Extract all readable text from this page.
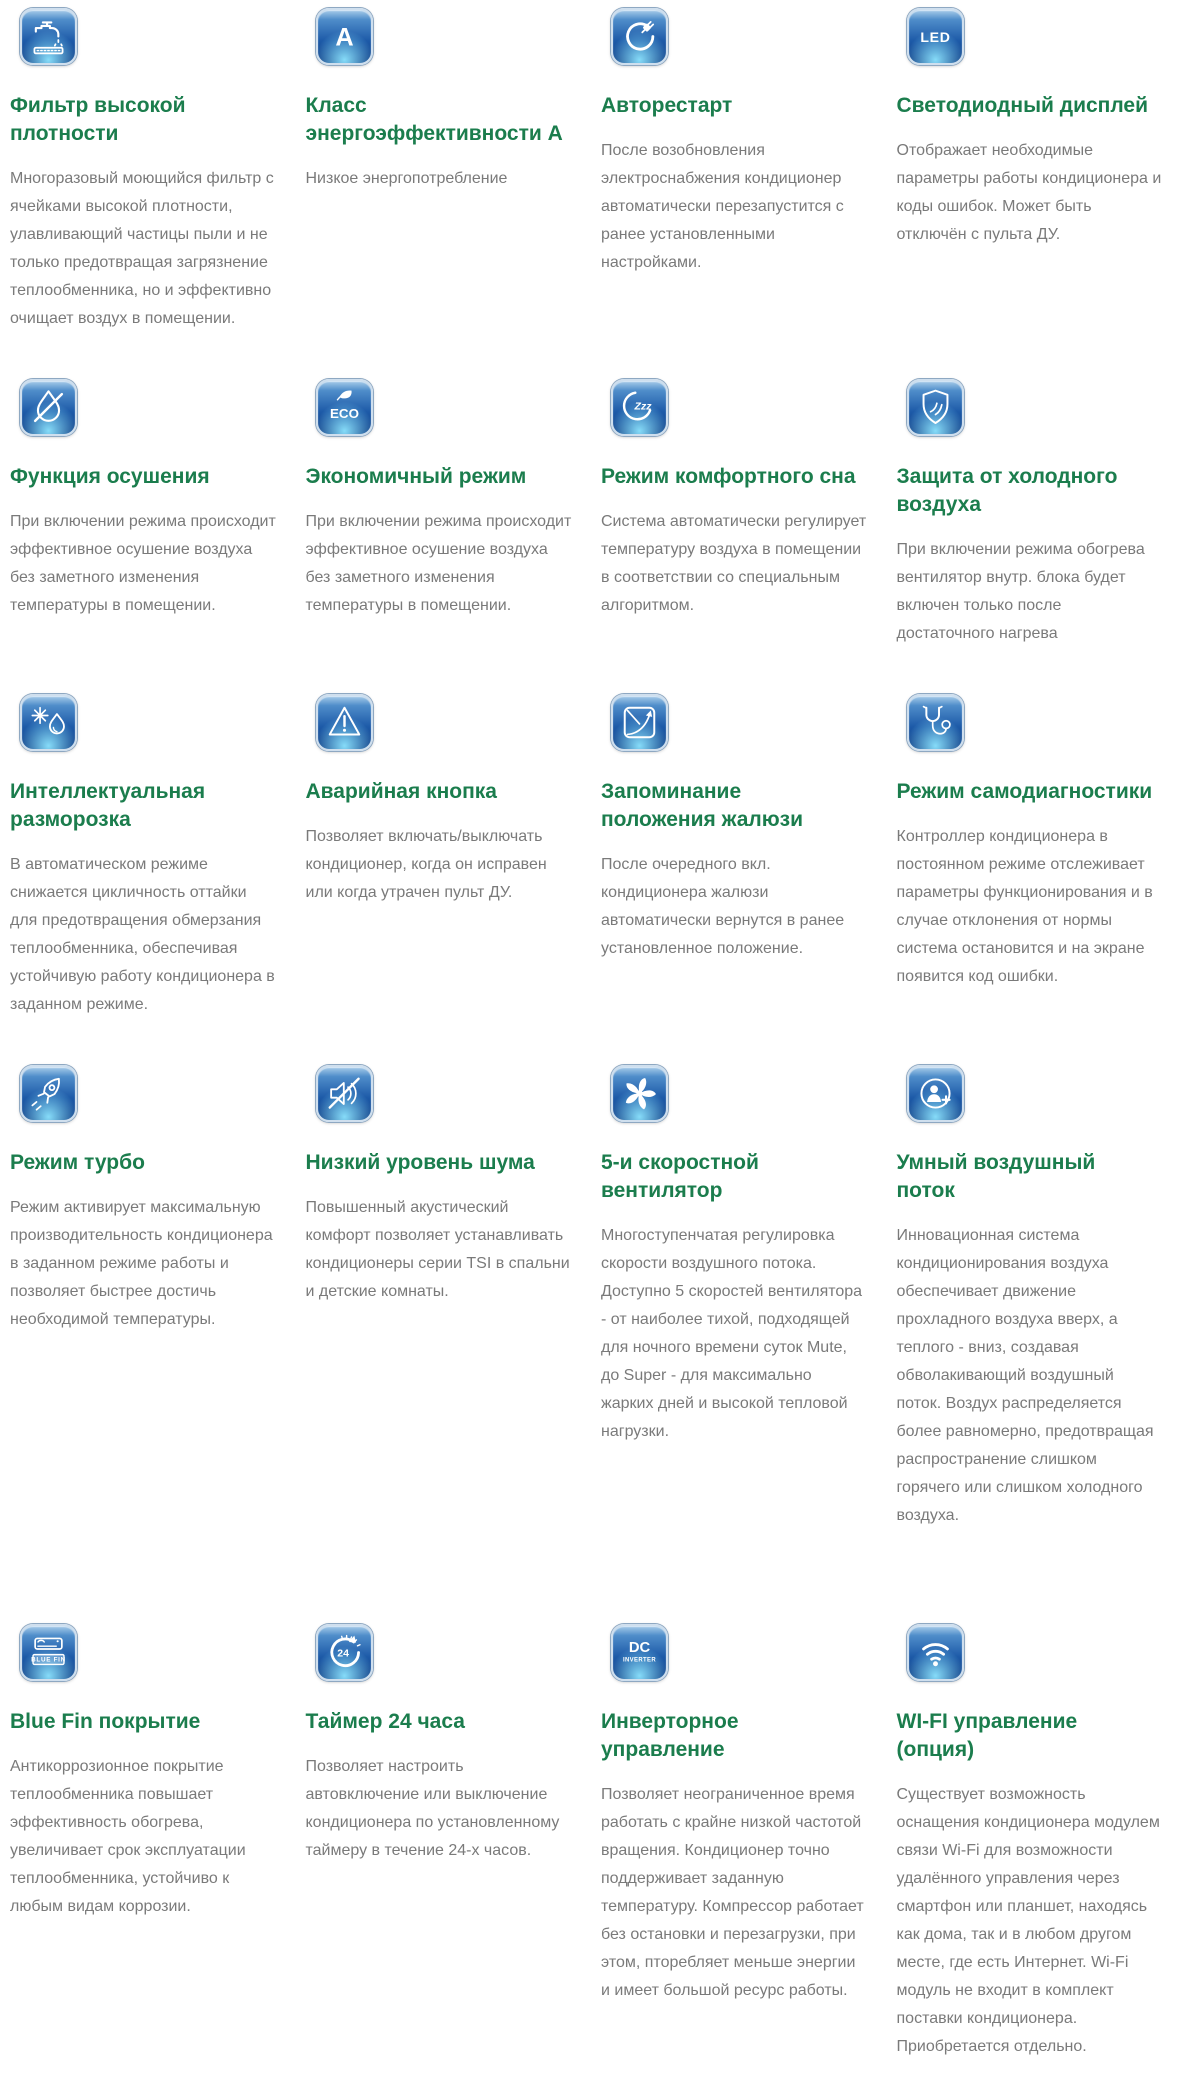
Фильтр высокой плотности

Многоразовый моющийся фильтр с ячейками высокой плотности, улавливающий частицы пыли и не только предотвращая загрязнение теплообменника, но и эффективно очищает воздух в помещении.

A
Класс энергоэффективности А

Низкое энергопотребление

Авторестарт

После возобновления электроснабжения кондиционер автоматически перезапустится с ранее установленными настройками.

LED
Светодиодный дисплей

Отображает необходимые параметры работы кондиционера и коды ошибок. Может быть отключён с пульта ДУ.

Функция осушения

При включении режима происходит эффективное осушение воздуха без заметного изменения температуры в помещении.

ECO
Экономичный режим

При включении режима происходит эффективное осушение воздуха без заметного изменения температуры в помещении.

Zzz
Режим комфортного сна

Система автоматически регулирует температуру воздуха в помещении в соответствии со специальным алгоритмом.

Защита от холодного воздуха

При включении режима обогрева вентилятор внутр. блока будет включен только после достаточного нагрева

Интеллектуальная разморозка

В автоматическом режиме снижается цикличность оттайки для предотвращения обмерзания теплообменника, обеспечивая устойчивую работу кондиционера в заданном режиме.

Аварийная кнопка

Позволяет включать/выключать кондиционер, когда он исправен или когда утрачен пульт ДУ.

Запоминание положения жалюзи

После очередного вкл. кондиционера жалюзи автоматически вернутся в ранее установленное положение.

Режим самодиагностики

Контроллер кондиционера в постоянном режиме отслеживает параметры функционирования и в случае отклонения от нормы система остановится и на экране появится код ошибки.

Режим турбо

Режим активирует максимальную производительность кондиционера в заданном режиме работы и позволяет быстрее достичь необходимой температуры.

Низкий уровень шума

Повышенный акустический комфорт позволяет устанавливать кондиционеры серии TSI в спальни и детские комнаты.

5-и скоростной вентилятор

Многоступенчатая регулировка скорости воздушного потока. Доступно 5 скоростей вентилятора - от наиболее тихой, подходящей для ночного времени суток Mute, до Super - для максимально жарких дней и высокой тепловой нагрузки.

Умный воздушный поток

Инновационная система кондиционирования воздуха обеспечивает движение прохладного воздуха вверх, а теплого - вниз, создавая обволакивающий воздушный поток. Воздух распределяется более равномерно, предотвращая распространение слишком горячего или слишком холодного воздуха.

BLUE FIN
Blue Fin покрытие

Антикоррозионное покрытие теплообменника повышает эффективность обогрева, увеличивает срок эксплуатации теплообменника, устойчиво к любым видам коррозии.

24
Таймер 24 часа

Позволяет настроить автовключение или выключение кондиционера по установленному таймеру в течение 24-х часов.

DC
INVERTER
Инверторное управление

Позволяет неограниченное время работать с крайне низкой частотой вращения. Кондиционер точно поддерживает заданную температуру. Компрессор работает без остановки и перезагрузки, при этом, пторебляет меньше энергии и имеет большой ресурс работы.

WI-FI управление (опция)

Существует возможность оснащения кондиционера модулем связи Wi-Fi для возможности удалённого управления через смартфон или планшет, находясь как дома, так и в любом другом месте, где есть Интернет. Wi-Fi модуль не входит в комплект поставки кондиционера. Приобретается отдельно.
